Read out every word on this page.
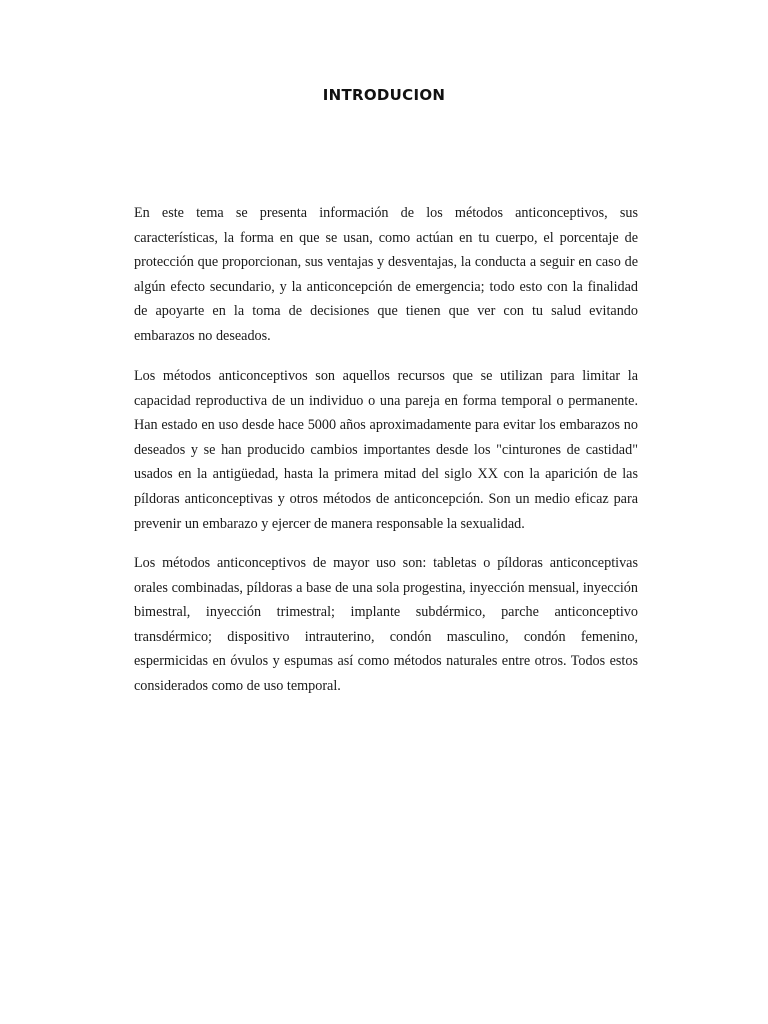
INTRODUCION

En este tema se presenta información de los métodos anticonceptivos, sus características, la forma en que se usan, como actúan en tu cuerpo, el porcentaje de protección que proporcionan, sus ventajas y desventajas, la conducta a seguir en caso de algún efecto secundario, y la anticoncepción de emergencia; todo esto con la finalidad de apoyarte en la toma de decisiones que tienen que ver con tu salud evitando embarazos no deseados.

Los métodos anticonceptivos son aquellos recursos que se utilizan para limitar la capacidad reproductiva de un individuo o una pareja en forma temporal o permanente. Han estado en uso desde hace 5000 años aproximadamente para evitar los embarazos no deseados y se han producido cambios importantes desde los "cinturones de castidad" usados en la antigüedad, hasta la primera mitad del siglo XX con la aparición de las píldoras anticonceptivas y otros métodos de anticoncepción. Son un medio eficaz para prevenir un embarazo y ejercer de manera responsable la sexualidad.

Los métodos anticonceptivos de mayor uso son: tabletas o píldoras anticonceptivas orales combinadas, píldoras a base de una sola progestina, inyección mensual, inyección bimestral, inyección trimestral; implante subdérmico, parche anticonceptivo transdérmico; dispositivo intrauterino, condón masculino, condón femenino, espermicidas en óvulos y espumas así como métodos naturales entre otros. Todos estos considerados como de uso temporal.
